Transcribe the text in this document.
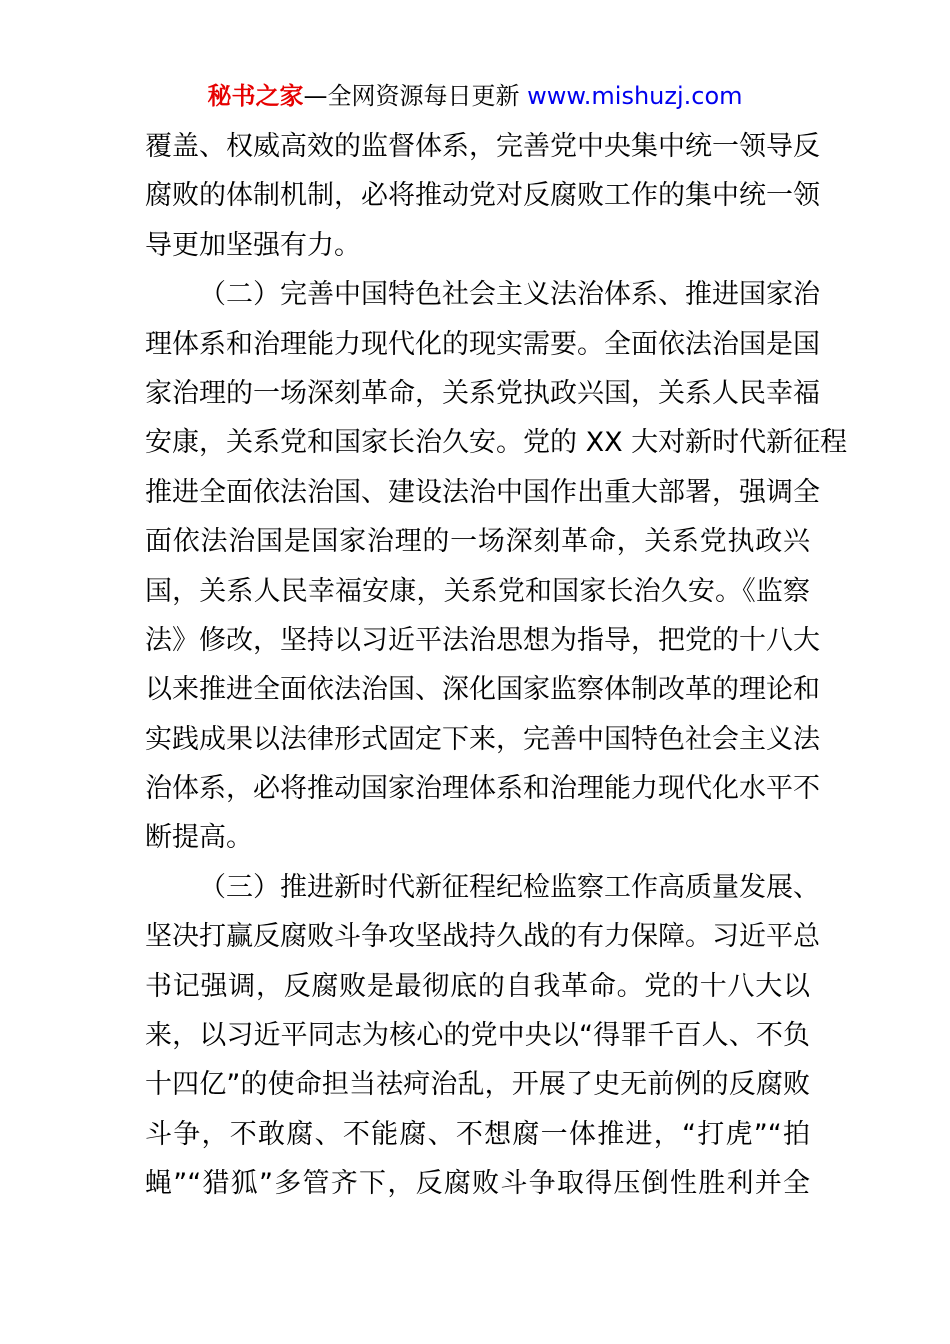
秘书之家—全网资源每日更新 www.mishuzj.com
覆盖、权威高效的监督体系，完善党中央集中统一领导反
腐败的体制机制，必将推动党对反腐败工作的集中统一领
导更加坚强有力。
（二）完善中国特色社会主义法治体系、推进国家治
理体系和治理能力现代化的现实需要。全面依法治国是国
家治理的一场深刻革命，关系党执政兴国，关系人民幸福
安康，关系党和国家长治久安。党的 XX 大对新时代新征程
推进全面依法治国、建设法治中国作出重大部署，强调全
面依法治国是国家治理的一场深刻革命，关系党执政兴
国，关系人民幸福安康，关系党和国家长治久安。《监察
法》修改，坚持以习近平法治思想为指导，把党的十八大
以来推进全面依法治国、深化国家监察体制改革的理论和
实践成果以法律形式固定下来，完善中国特色社会主义法
治体系，必将推动国家治理体系和治理能力现代化水平不
断提高。
（三）推进新时代新征程纪检监察工作高质量发展、
坚决打赢反腐败斗争攻坚战持久战的有力保障。习近平总
书记强调，反腐败是最彻底的自我革命。党的十八大以
来，以习近平同志为核心的党中央以“得罪千百人、不负
十四亿”的使命担当祛疴治乱，开展了史无前例的反腐败
斗争，不敢腐、不能腐、不想腐一体推进，“打虎”“拍
蝇”“猎狐”多管齐下，反腐败斗争取得压倒性胜利并全
